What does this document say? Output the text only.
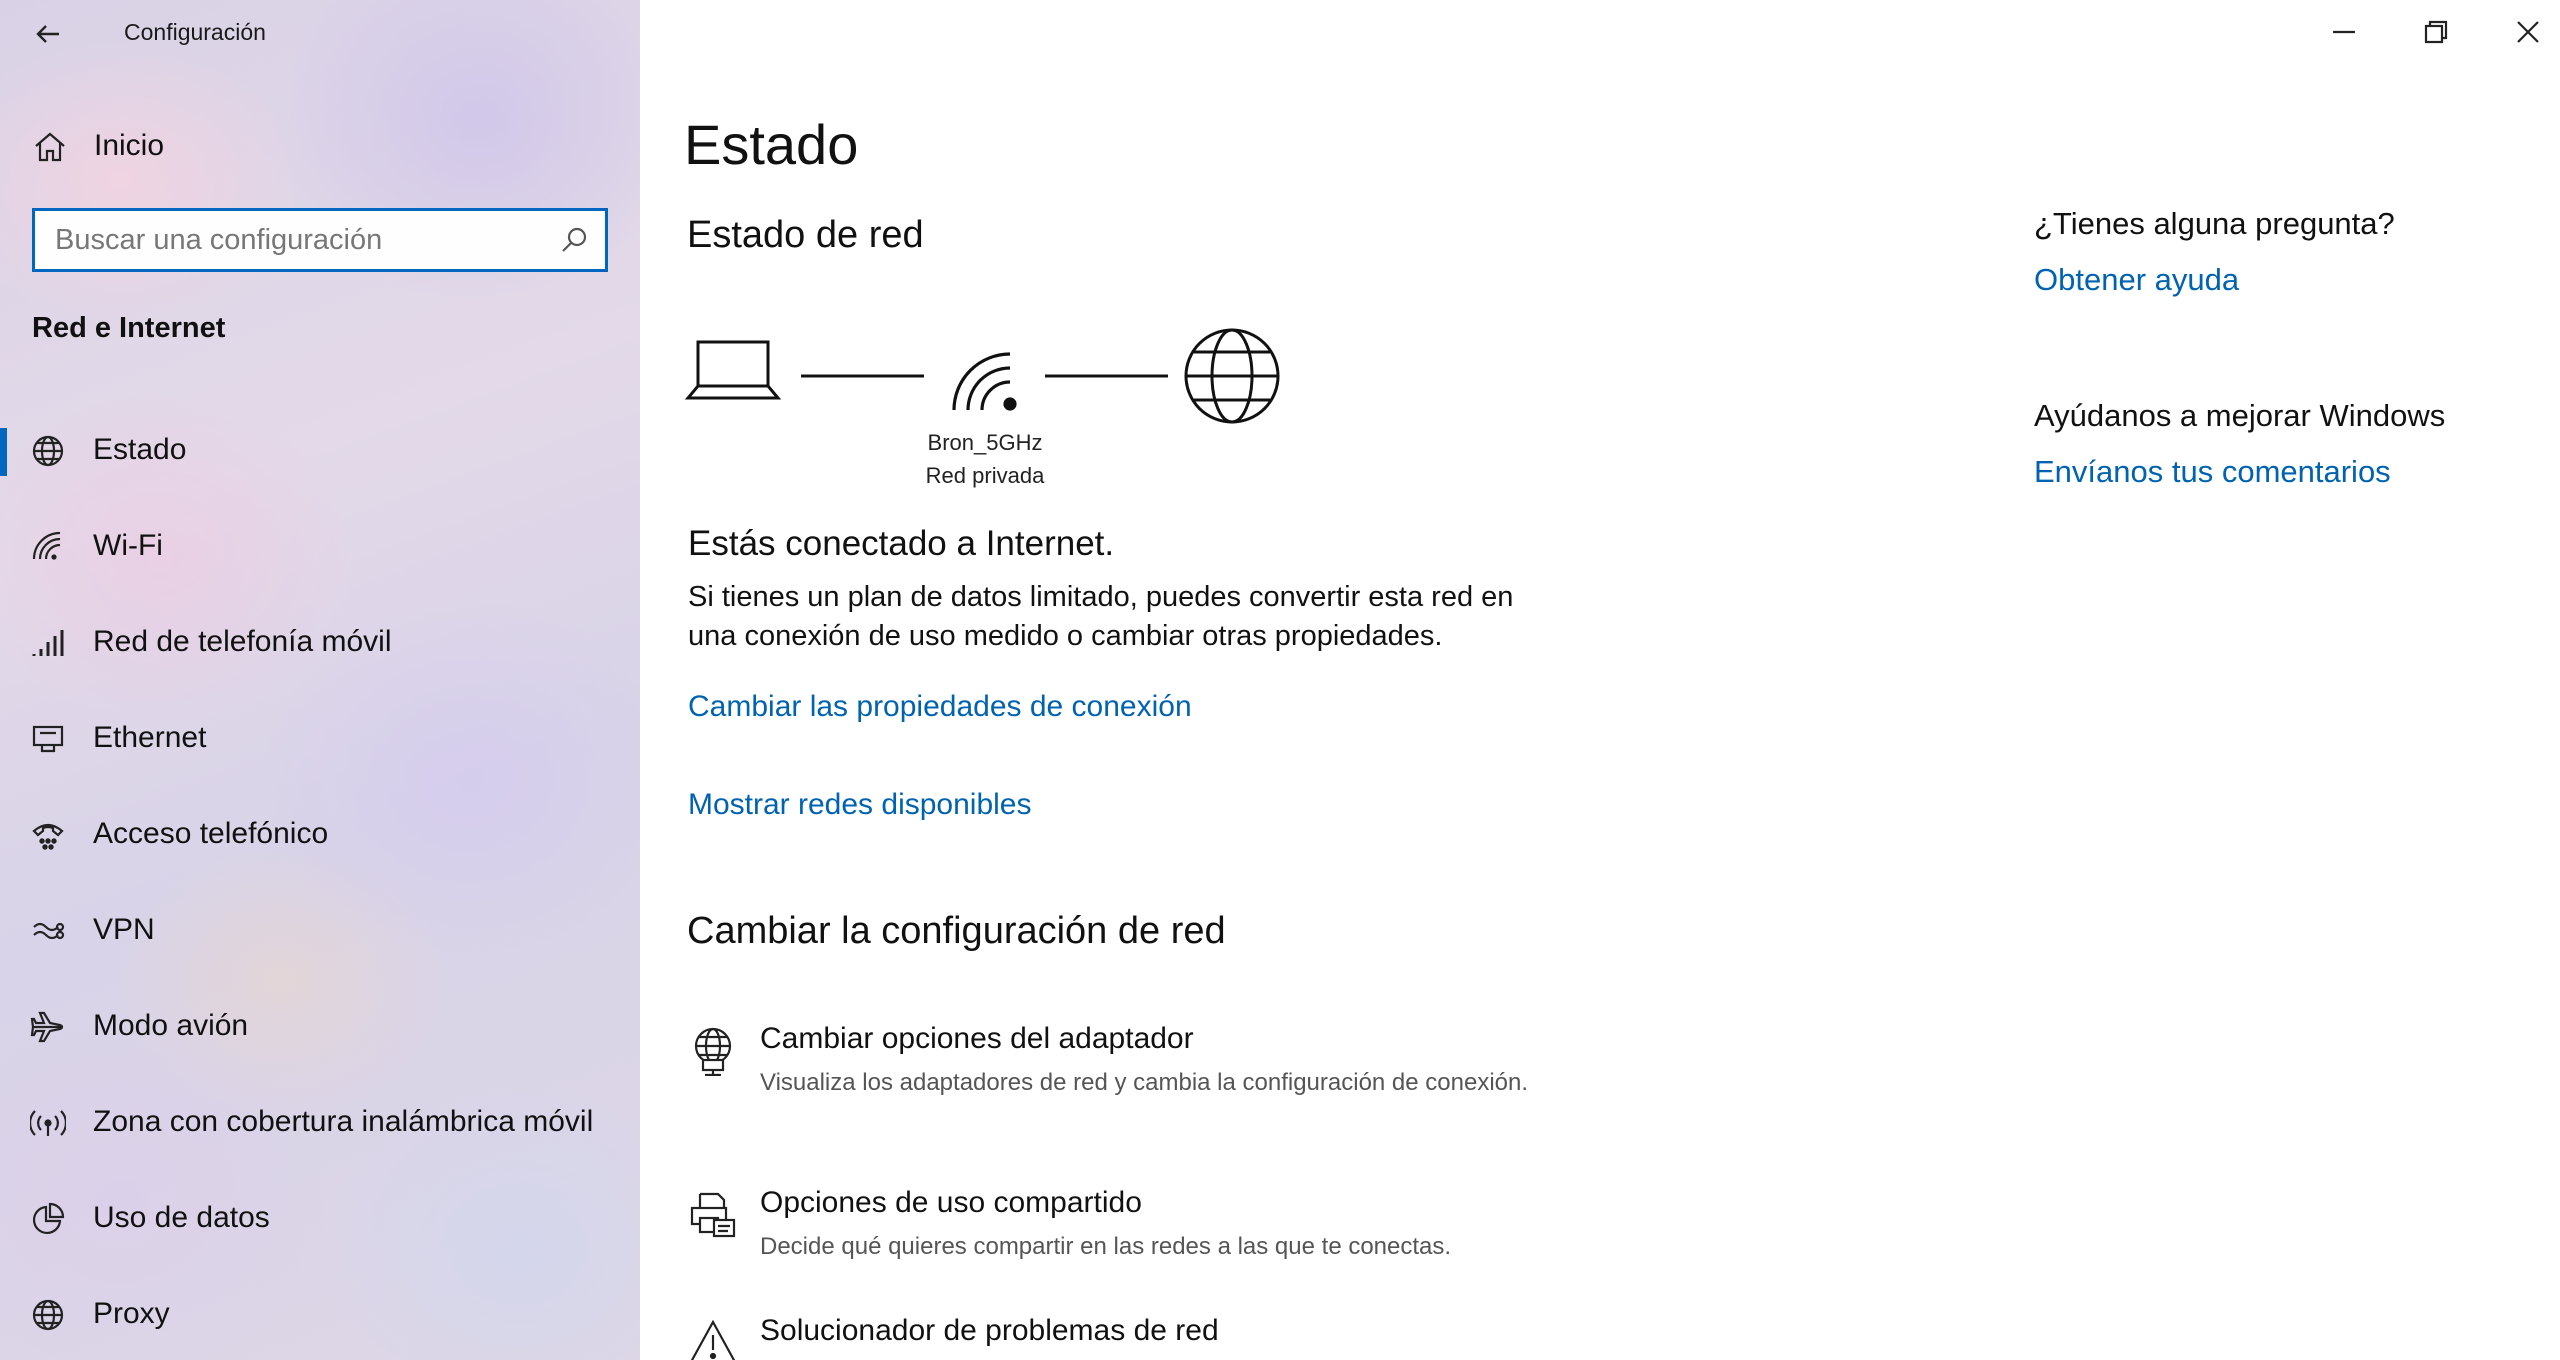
Configuración
Inicio
Buscar una configuración
Red e Internet
Estado
Wi-Fi
Red de telefonía móvil
Ethernet
Acceso telefónico
VPN
Modo avión
Zona con cobertura inalámbrica móvil
Uso de datos
Proxy
Estado
Estado de red
Bron_5GHz
Red privada
Estás conectado a Internet.
Si tienes un plan de datos limitado, puedes convertir esta red en una conexión de uso medido o cambiar otras propiedades.
Cambiar las propiedades de conexión
Mostrar redes disponibles
Cambiar la configuración de red
Cambiar opciones del adaptador
Visualiza los adaptadores de red y cambia la configuración de conexión.
Opciones de uso compartido
Decide qué quieres compartir en las redes a las que te conectas.
Solucionador de problemas de red
¿Tienes alguna pregunta?
Obtener ayuda
Ayúdanos a mejorar Windows
Envíanos tus comentarios
